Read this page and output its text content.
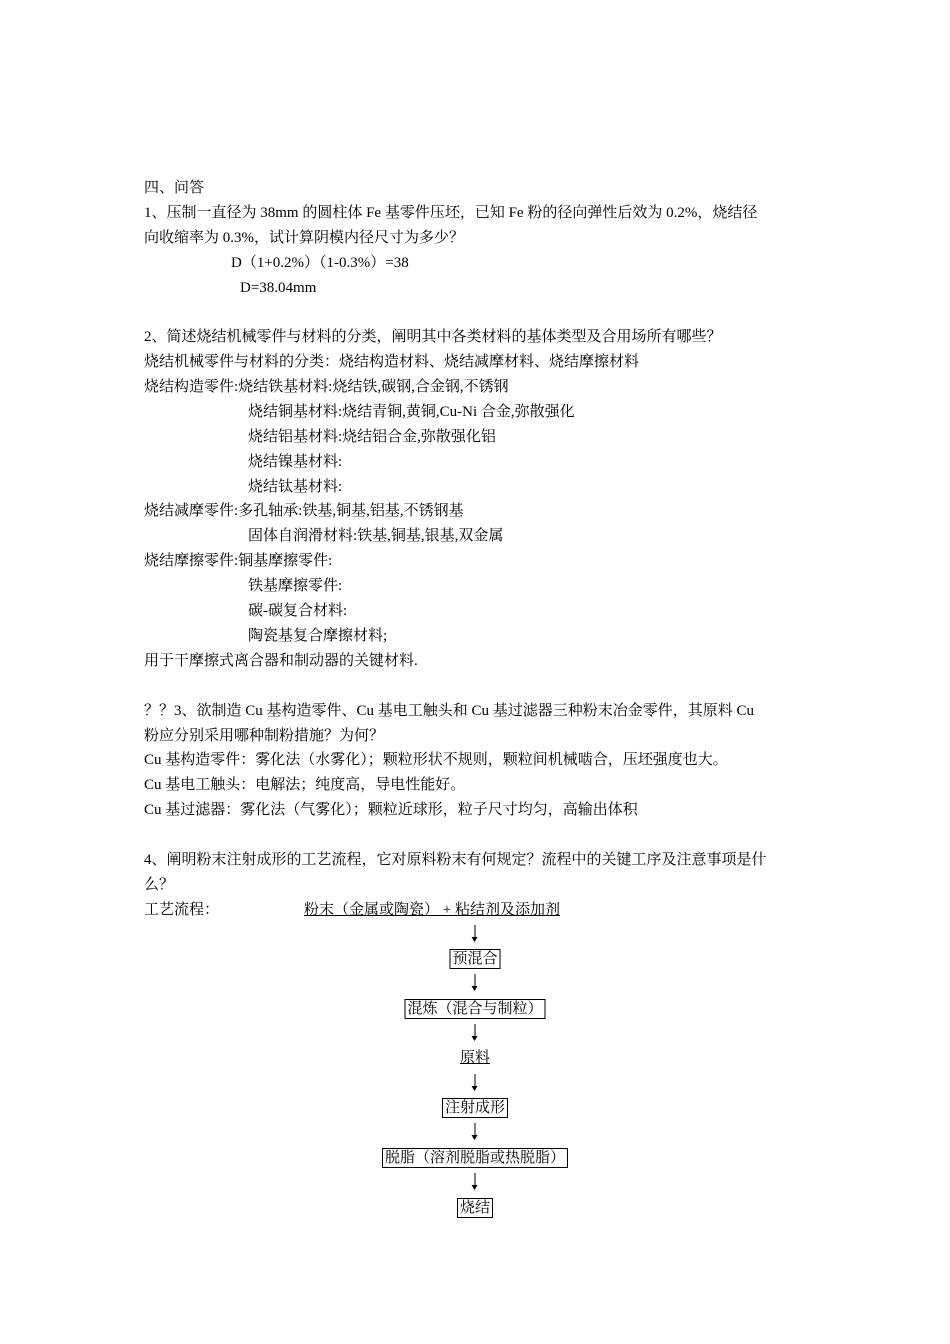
四、问答
1、压制一直径为 38mm 的圆柱体 Fe 基零件压坯，已知 Fe 粉的径向弹性后效为 0.2%，烧结径
向收缩率为 0.3%，试计算阴模内径尺寸为多少？
D（1+0.2%）（1-0.3%）=38
D=38.04mm
2、简述烧结机械零件与材料的分类，阐明其中各类材料的基体类型及合用场所有哪些？
烧结机械零件与材料的分类：烧结构造材料、烧结减摩材料、烧结摩擦材料
烧结构造零件:烧结铁基材料:烧结铁,碳钢,合金钢,不锈钢
烧结铜基材料:烧结青铜,黄铜,Cu-Ni 合金,弥散强化
烧结铝基材料:烧结铝合金,弥散强化铝
烧结镍基材料:
烧结钛基材料:
烧结减摩零件:多孔轴承:铁基,铜基,铝基,不锈钢基
固体自润滑材料:铁基,铜基,银基,双金属
烧结摩擦零件:铜基摩擦零件:
铁基摩擦零件:
碳-碳复合材料:
陶瓷基复合摩擦材料;
用于干摩擦式离合器和制动器的关键材料.
？？3、欲制造 Cu 基构造零件、Cu 基电工触头和 Cu 基过滤器三种粉末冶金零件，其原料 Cu
粉应分别采用哪种制粉措施？为何？
Cu 基构造零件：雾化法（水雾化）；颗粒形状不规则，颗粒间机械啮合，压坯强度也大。
Cu 基电工触头：电解法；纯度高，导电性能好。
Cu 基过滤器：雾化法（气雾化）；颗粒近球形，粒子尺寸均匀，高输出体积
4、阐明粉末注射成形的工艺流程，它对原料粉末有何规定？流程中的关键工序及注意事项是什
么？
工艺流程：	粉末（金属或陶瓷） + 粘结剂及添加剂
预混合
混炼（混合与制粒）
原料
注射成形
脱脂（溶剂脱脂或热脱脂）
烧结
